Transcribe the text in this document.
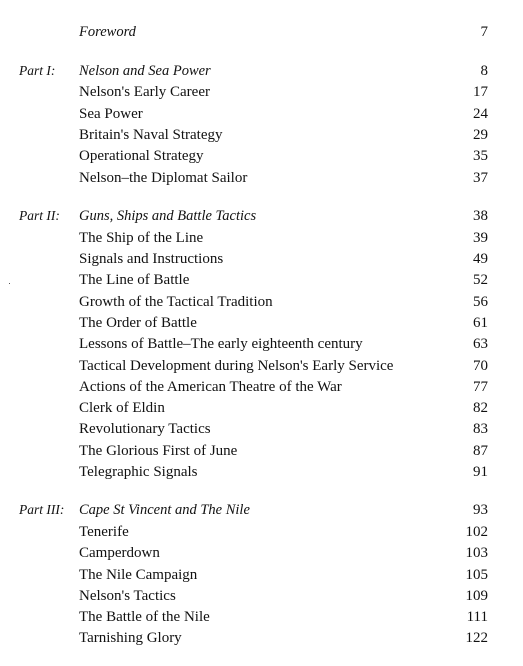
Foreword	7
Part I: Nelson and Sea Power	8
Nelson's Early Career	17
Sea Power	24
Britain's Naval Strategy	29
Operational Strategy	35
Nelson–the Diplomat Sailor	37
Part II: Guns, Ships and Battle Tactics	38
The Ship of the Line	39
Signals and Instructions	49
The Line of Battle	52
Growth of the Tactical Tradition	56
The Order of Battle	61
Lessons of Battle–The early eighteenth century	63
Tactical Development during Nelson's Early Service	70
Actions of the American Theatre of the War	77
Clerk of Eldin	82
Revolutionary Tactics	83
The Glorious First of June	87
Telegraphic Signals	91
Part III: Cape St Vincent and The Nile	93
Tenerife	102
Camperdown	103
The Nile Campaign	105
Nelson's Tactics	109
The Battle of the Nile	111
Tarnishing Glory	122
